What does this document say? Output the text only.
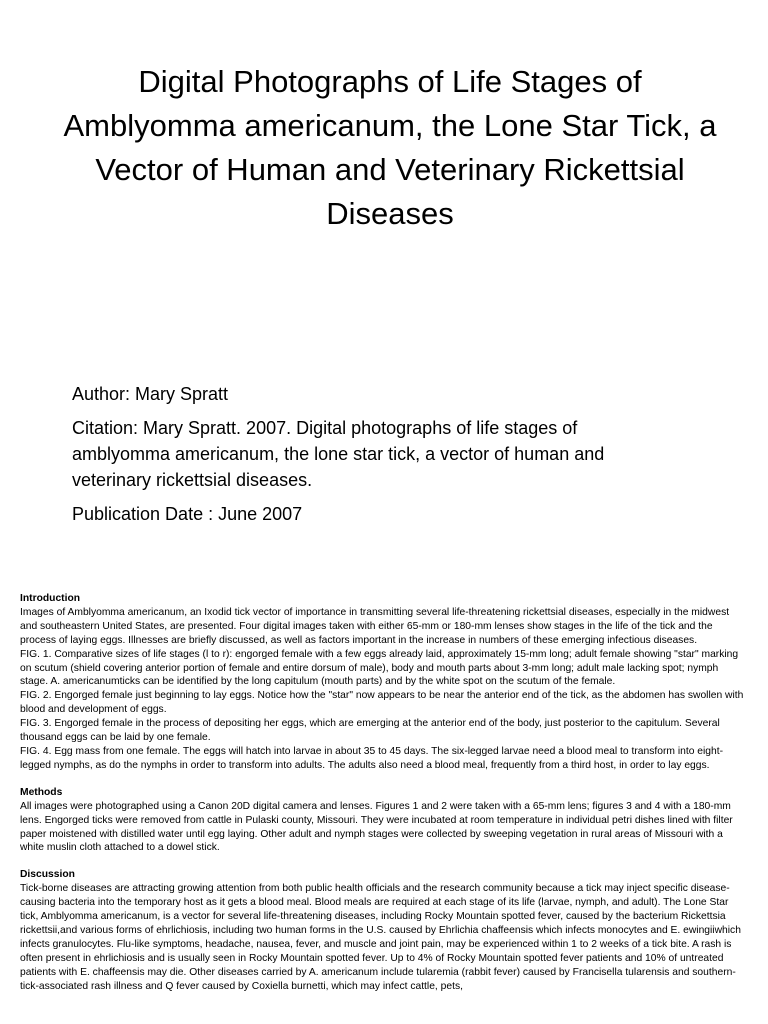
Digital Photographs of Life Stages of Amblyomma americanum, the Lone Star Tick, a Vector of Human and Veterinary Rickettsial Diseases

Author: Mary Spratt

Citation: Mary Spratt. 2007. Digital photographs of life stages of amblyomma americanum, the lone star tick, a vector of human and veterinary rickettsial diseases.

Publication Date : June 2007

Introduction

Images of Amblyomma americanum, an Ixodid tick vector of importance in transmitting several life-threatening rickettsial diseases, especially in the midwest and southeastern United States, are presented. Four digital images taken with either 65-mm or 180-mm lenses show stages in the life of the tick and the process of laying eggs. Illnesses are briefly discussed, as well as factors important in the increase in numbers of these emerging infectious diseases.

FIG. 1. Comparative sizes of life stages (l to r): engorged female with a few eggs already laid, approximately 15-mm long; adult female showing "star" marking on scutum (shield covering anterior portion of female and entire dorsum of male), body and mouth parts about 3-mm long; adult male lacking spot; nymph stage. A. americanumticks can be identified by the long capitulum (mouth parts) and by the white spot on the scutum of the female.

FIG. 2. Engorged female just beginning to lay eggs. Notice how the "star" now appears to be near the anterior end of the tick, as the abdomen has swollen with blood and development of eggs.

FIG. 3. Engorged female in the process of depositing her eggs, which are emerging at the anterior end of the body, just posterior to the capitulum. Several thousand eggs can be laid by one female.

FIG. 4. Egg mass from one female. The eggs will hatch into larvae in about 35 to 45 days. The six-legged larvae need a blood meal to transform into eight-legged nymphs, as do the nymphs in order to transform into adults. The adults also need a blood meal, frequently from a third host, in order to lay eggs.

Methods

All images were photographed using a Canon 20D digital camera and lenses. Figures 1 and 2 were taken with a 65-mm lens; figures 3 and 4 with a 180-mm lens. Engorged ticks were removed from cattle in Pulaski county, Missouri. They were incubated at room temperature in individual petri dishes lined with filter paper moistened with distilled water until egg laying. Other adult and nymph stages were collected by sweeping vegetation in rural areas of Missouri with a white muslin cloth attached to a dowel stick.

Discussion

Tick-borne diseases are attracting growing attention from both public health officials and the research community because a tick may inject specific disease-causing bacteria into the temporary host as it gets a blood meal. Blood meals are required at each stage of its life (larvae, nymph, and adult). The Lone Star tick, Amblyomma americanum, is a vector for several life-threatening diseases, including Rocky Mountain spotted fever, caused by the bacterium Rickettsia rickettsii,and various forms of ehrlichiosis, including two human forms in the U.S. caused by Ehrlichia chaffeensis which infects monocytes and E. ewingiiwhich infects granulocytes. Flu-like symptoms, headache, nausea, fever, and muscle and joint pain, may be experienced within 1 to 2 weeks of a tick bite. A rash is often present in ehrlichiosis and is usually seen in Rocky Mountain spotted fever. Up to 4% of Rocky Mountain spotted fever patients and 10% of untreated patients with E. chaffeensis may die. Other diseases carried by A. americanum include tularemia (rabbit fever) caused by Francisella tularensis and southern-tick-associated rash illness and Q fever caused by Coxiella burnetti, which may infect cattle, pets,
